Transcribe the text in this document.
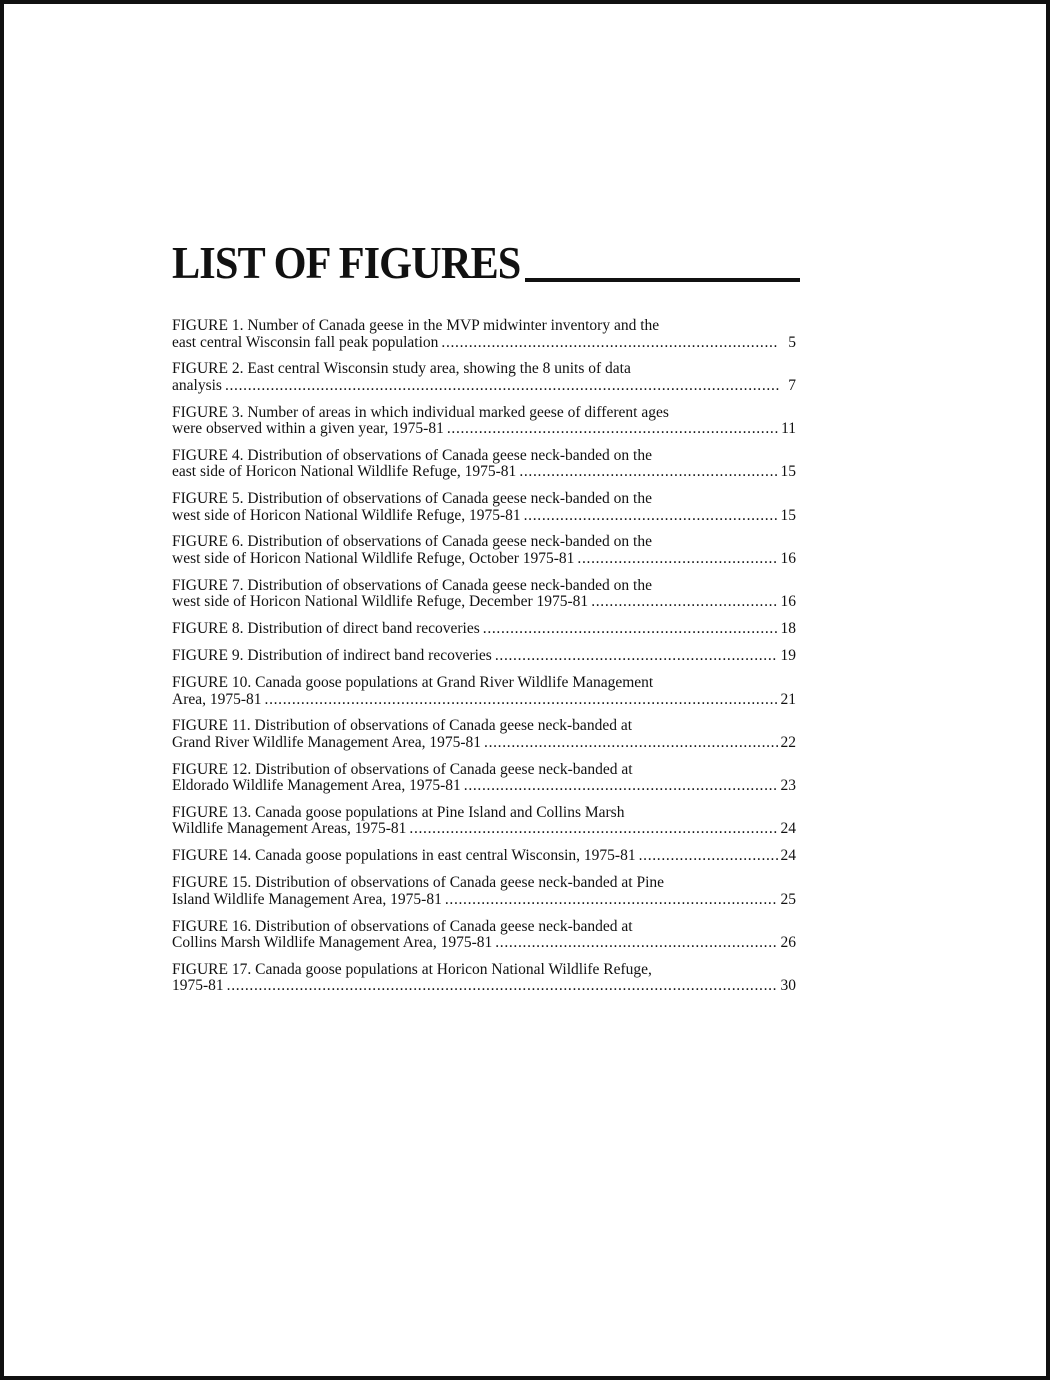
LIST OF FIGURES
FIGURE 1. Number of Canada geese in the MVP midwinter inventory and the
east central Wisconsin fall peak population . . .	5
FIGURE 2. East central Wisconsin study area, showing the 8 units of data
analysis . . .	7
FIGURE 3. Number of areas in which individual marked geese of different ages
were observed within a given year, 1975-81 . . .	11
FIGURE 4. Distribution of observations of Canada geese neck-banded on the
east side of Horicon National Wildlife Refuge, 1975-81 . . .	15
FIGURE 5. Distribution of observations of Canada geese neck-banded on the
west side of Horicon National Wildlife Refuge, 1975-81 . . .	15
FIGURE 6. Distribution of observations of Canada geese neck-banded on the
west side of Horicon National Wildlife Refuge, October 1975-81 . . .	16
FIGURE 7. Distribution of observations of Canada geese neck-banded on the
west side of Horicon National Wildlife Refuge, December 1975-81 . . .	16
FIGURE 8. Distribution of direct band recoveries . . .	18
FIGURE 9. Distribution of indirect band recoveries . . .	19
FIGURE 10. Canada goose populations at Grand River Wildlife Management
Area, 1975-81 . . .	21
FIGURE 11. Distribution of observations of Canada geese neck-banded at
Grand River Wildlife Management Area, 1975-81 . . .	22
FIGURE 12. Distribution of observations of Canada geese neck-banded at
Eldorado Wildlife Management Area, 1975-81 . . .	23
FIGURE 13. Canada goose populations at Pine Island and Collins Marsh
Wildlife Management Areas, 1975-81 . . .	24
FIGURE 14. Canada goose populations in east central Wisconsin, 1975-81 . . .	24
FIGURE 15. Distribution of observations of Canada geese neck-banded at Pine
Island Wildlife Management Area, 1975-81 . . .	25
FIGURE 16. Distribution of observations of Canada geese neck-banded at
Collins Marsh Wildlife Management Area, 1975-81 . . .	26
FIGURE 17. Canada goose populations at Horicon National Wildlife Refuge,
1975-81 . . .	30
